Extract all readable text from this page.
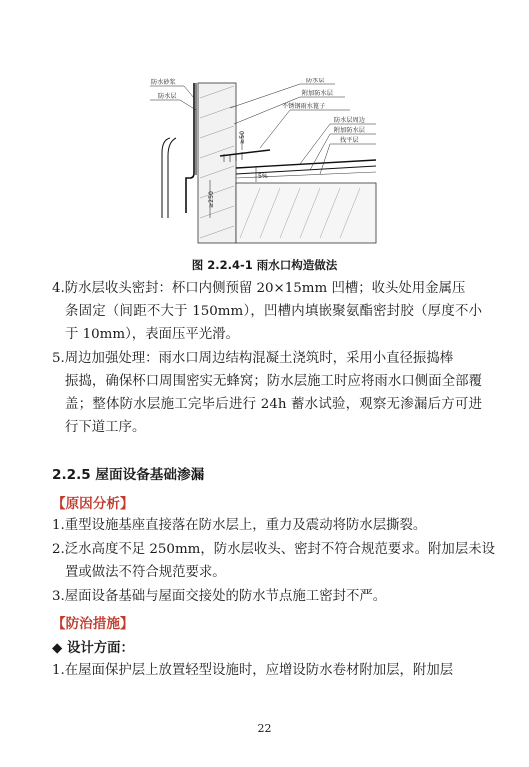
防水砂浆
防水层
防水层
附加防水层
不锈钢雨水篦子
防水层周边
附加防水层
找平层
≥50
5%
≥250
图 2.2.4-1 雨水口构造做法

4.防水层收头密封：杯口内侧预留 20×15mm 凹槽；收头处用金属压

条固定（间距不大于 150mm），凹槽内填嵌聚氨酯密封胶（厚度不小于 10mm），表面压平光滑。

5.周边加强处理：雨水口周边结构混凝土浇筑时，采用小直径振捣棒

振捣，确保杯口周围密实无蜂窝；防水层施工时应将雨水口侧面全部覆盖；整体防水层施工完毕后进行 24h 蓄水试验，观察无渗漏后方可进行下道工序。

2.2.5 屋面设备基础渗漏
【原因分析】

1.重型设施基座直接落在防水层上，重力及震动将防水层撕裂。

2.泛水高度不足 250mm，防水层收头、密封不符合规范要求。附加层未设置或做法不符合规范要求。

3.屋面设备基础与屋面交接处的防水节点施工密封不严。

【防治措施】
◆ 设计方面：

1.在屋面保护层上放置轻型设施时，应增设防水卷材附加层，附加层

22
